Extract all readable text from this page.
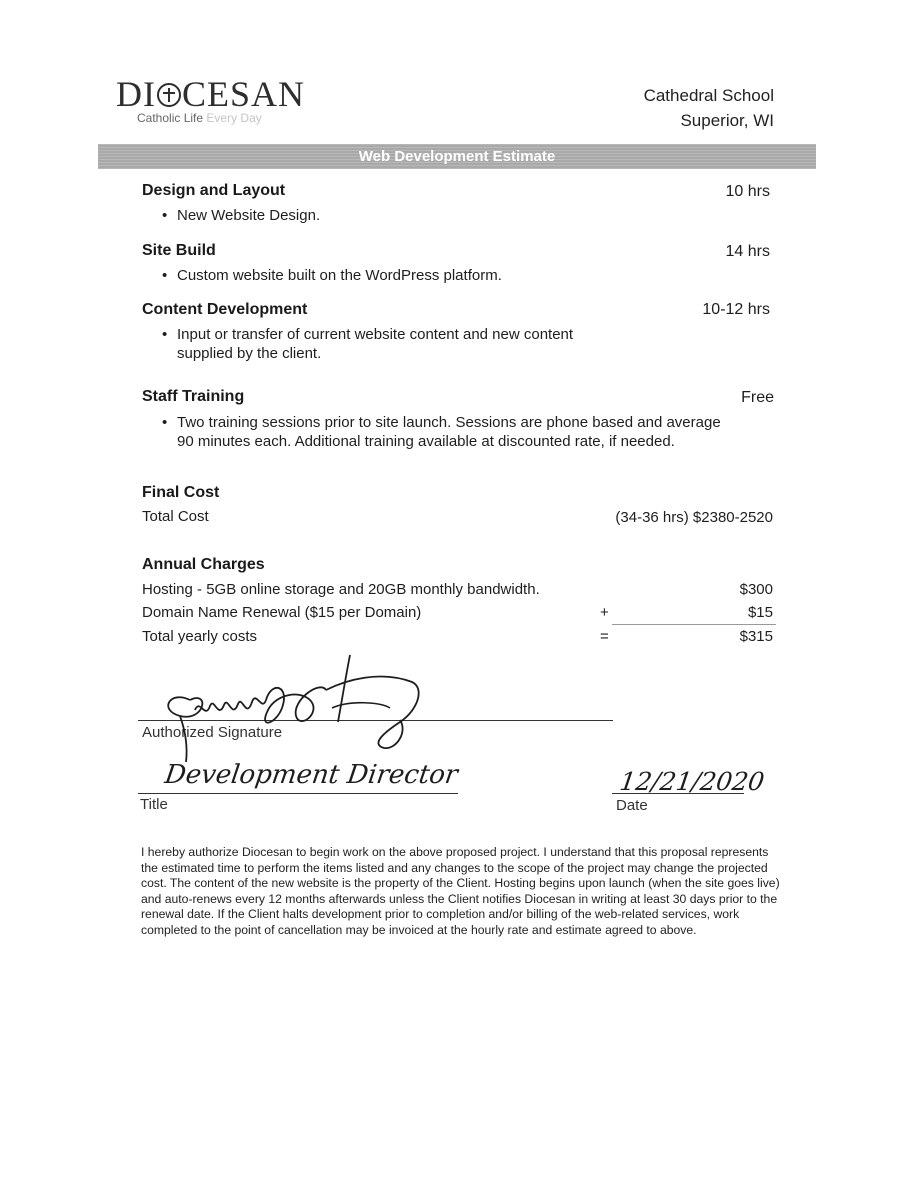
DI CESAN
Catholic Life Every Day
Cathedral School
Superior, WI
Web Development Estimate
Design and Layout	10 hrs
• New Website Design.
Site Build	14 hrs
• Custom website built on the WordPress platform.
Content Development	10-12 hrs
• Input or transfer of current website content and new content supplied by the client.
Staff Training	Free
• Two training sessions prior to site launch. Sessions are phone based and average 90 minutes each. Additional training available at discounted rate, if needed.
Final Cost
Total Cost	(34-36 hrs) $2380-2520
Annual Charges
Hosting - 5GB online storage and 20GB monthly bandwidth.	$300
Domain Name Renewal ($15 per Domain)	+	$15
Total yearly costs	=	$315
Authorized Signature
Development Director
Title
12/21/2020
Date
I hereby authorize Diocesan to begin work on the above proposed project. I understand that this proposal represents the estimated time to perform the items listed and any changes to the scope of the project may change the projected cost. The content of the new website is the property of the Client. Hosting begins upon launch (when the site goes live) and auto-renews every 12 months afterwards unless the Client notifies Diocesan in writing at least 30 days prior to the renewal date. If the Client halts development prior to completion and/or billing of the web-related services, work completed to the point of cancellation may be invoiced at the hourly rate and estimate agreed to above.
